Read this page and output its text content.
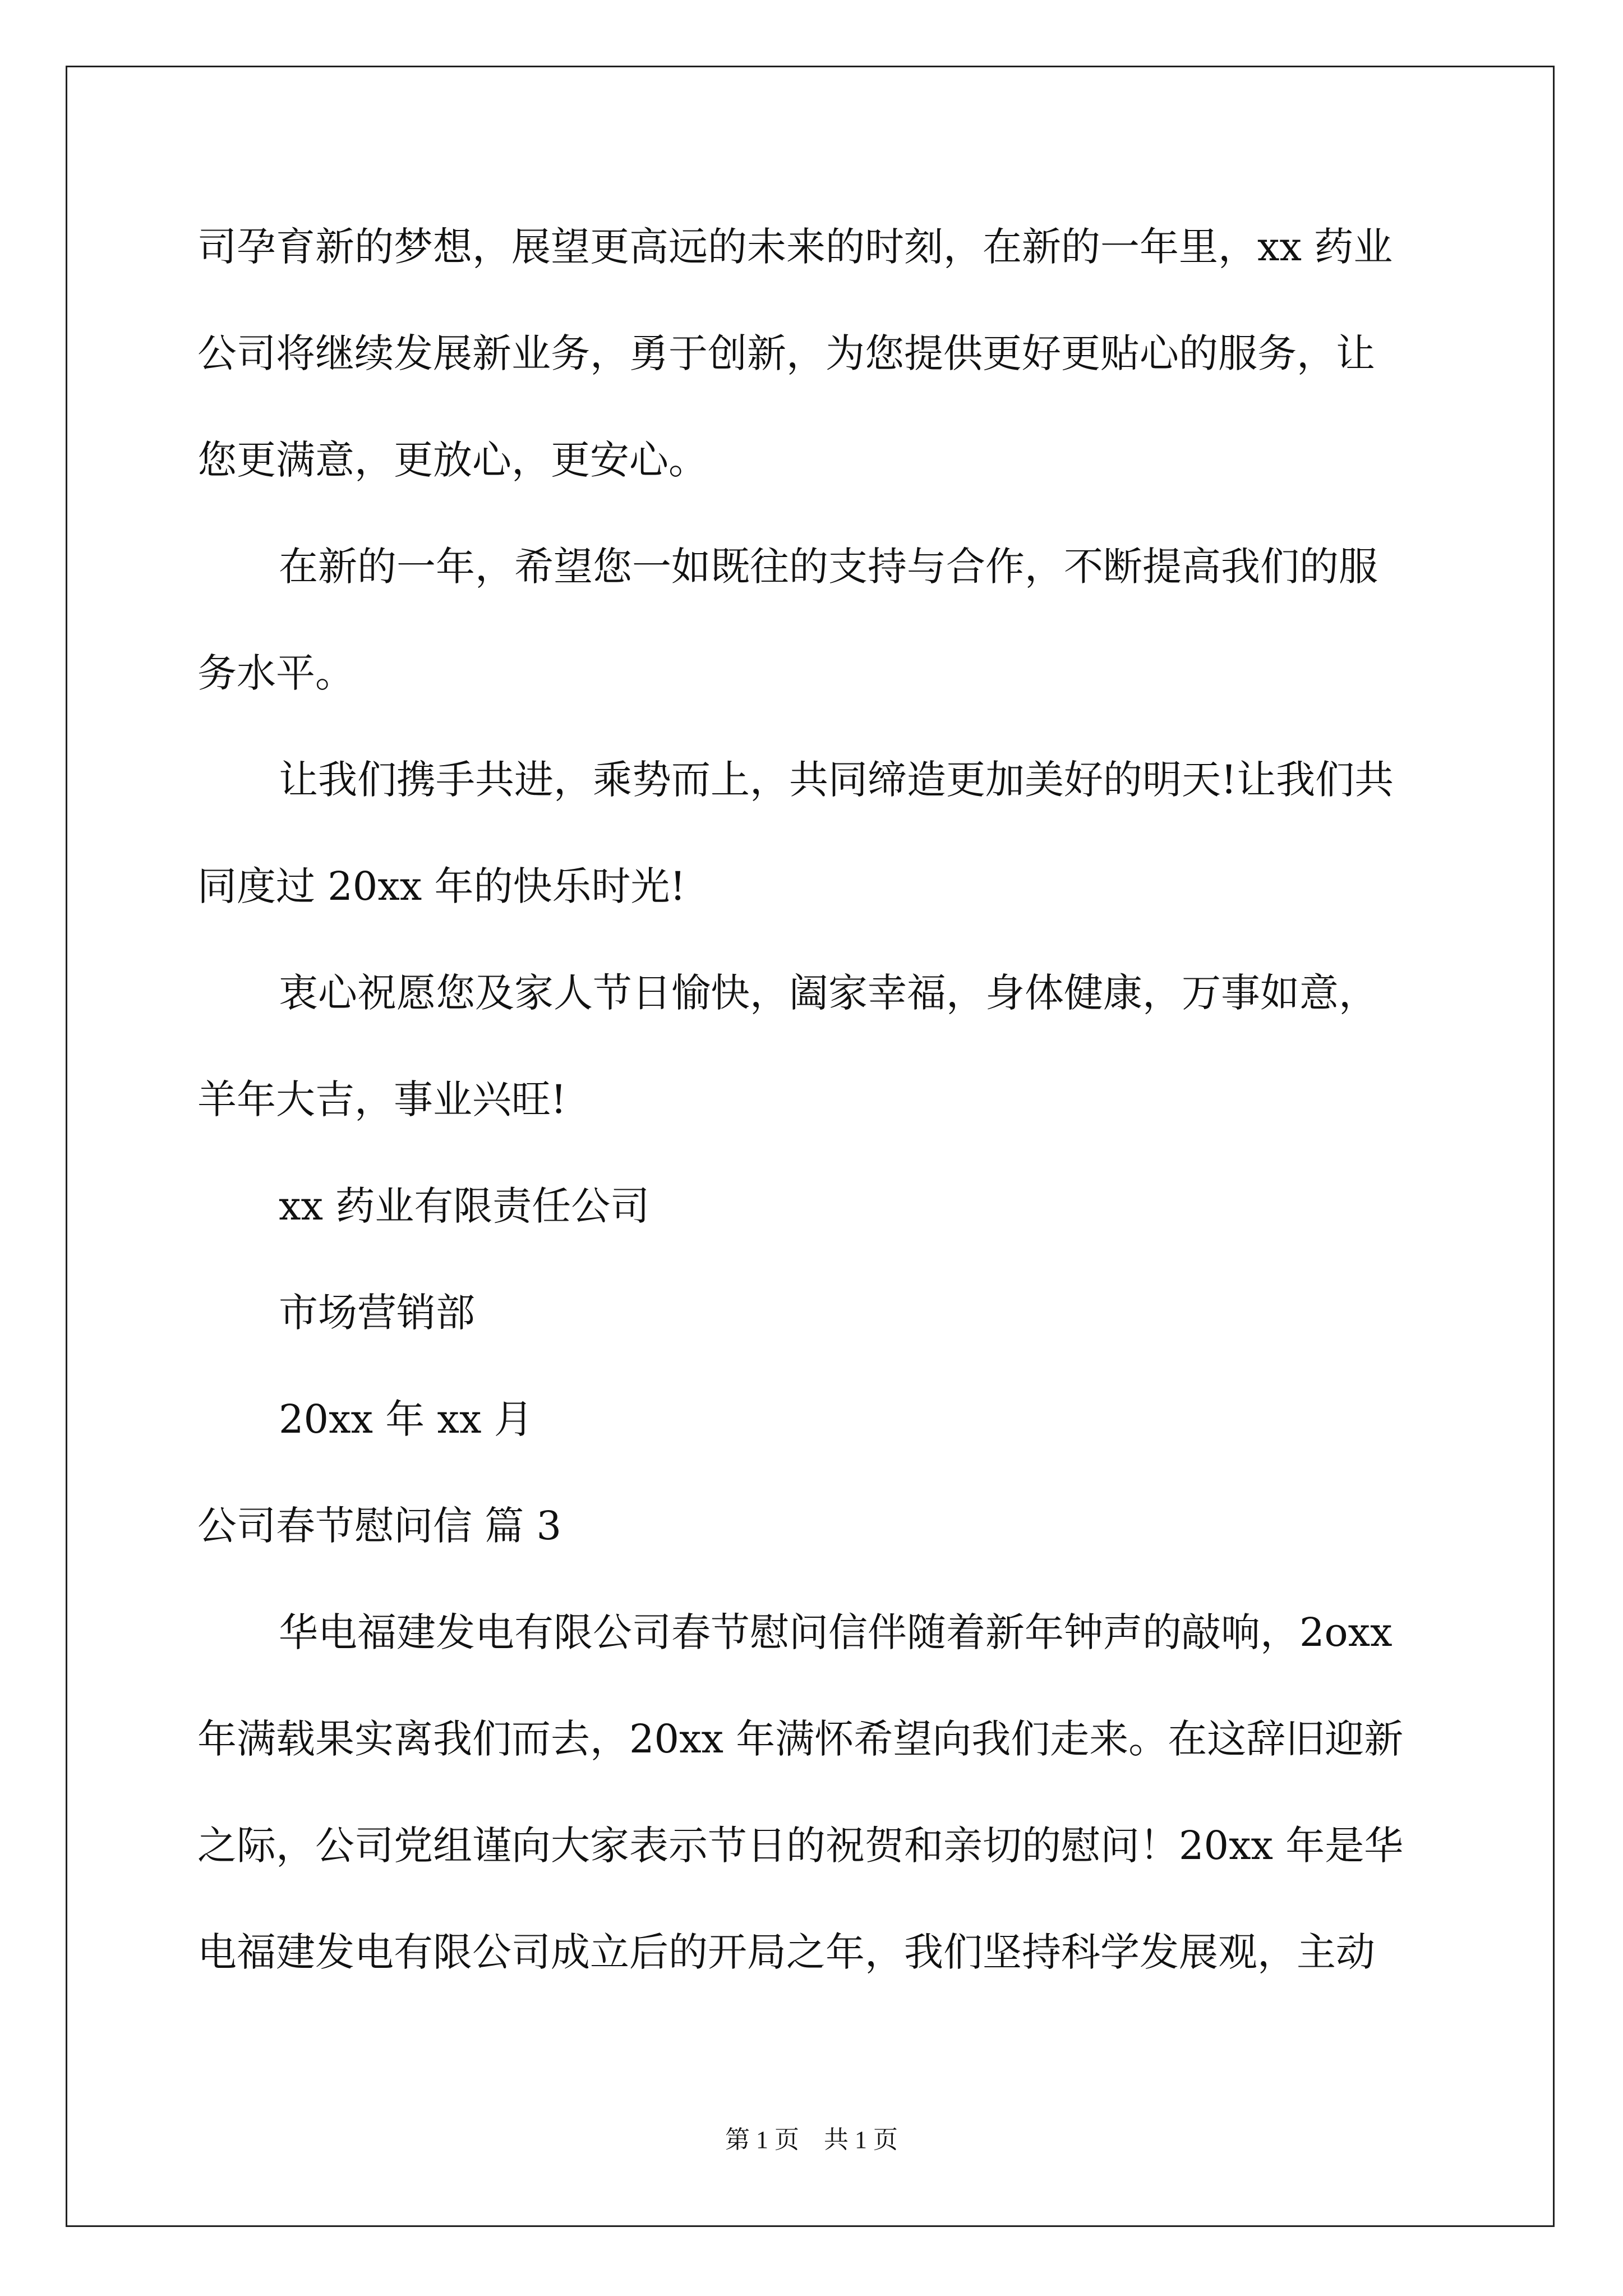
司孕育新的梦想，展望更高远的未来的时刻，在新的一年里，xx 药业
公司将继续发展新业务，勇于创新，为您提供更好更贴心的服务，让
您更满意，更放心，更安心。
在新的一年，希望您一如既往的支持与合作，不断提高我们的服
务水平。
让我们携手共进，乘势而上，共同缔造更加美好的明天!让我们共
同度过 20xx 年的快乐时光!
衷心祝愿您及家人节日愉快，阖家幸福，身体健康，万事如意，
羊年大吉，事业兴旺!
xx 药业有限责任公司
市场营销部
20xx 年 xx 月
公司春节慰问信 篇 3
华电福建发电有限公司春节慰问信伴随着新年钟声的敲响，2oxx
年满载果实离我们而去，20xx 年满怀希望向我们走来。在这辞旧迎新
之际，公司党组谨向大家表示节日的祝贺和亲切的慰问！20xx 年是华
电福建发电有限公司成立后的开局之年，我们坚持科学发展观，主动
第 1 页 共 1 页
